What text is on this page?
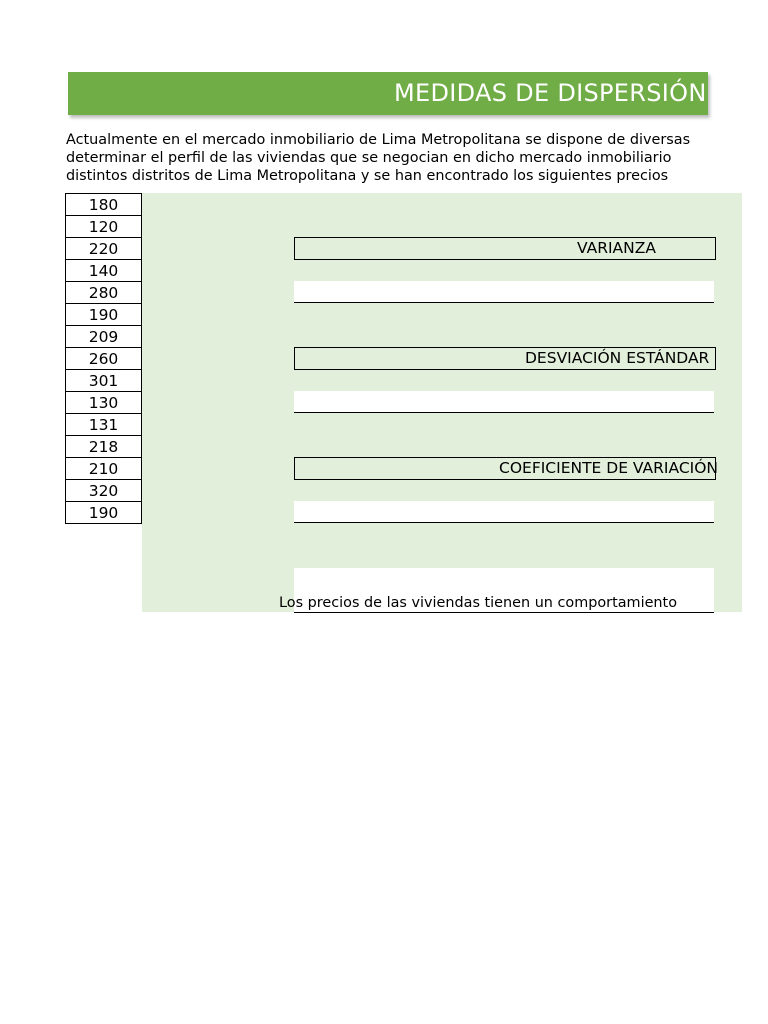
MEDIDAS DE DISPERSIÓN
Actualmente en el mercado inmobiliario de Lima Metropolitana se dispone de diversas
determinar el perfil de las viviendas que se negocian en dicho mercado inmobiliario
distintos distritos de Lima Metropolitana y se han encontrado los siguientes precios
180
120
220
140
280
190
209
260
301
130
131
218
210
320
190
VARIANZA
DESVIACIÓN ESTÁNDAR
COEFICIENTE DE VARIACIÓN
Los precios de las viviendas tienen un comportamiento
